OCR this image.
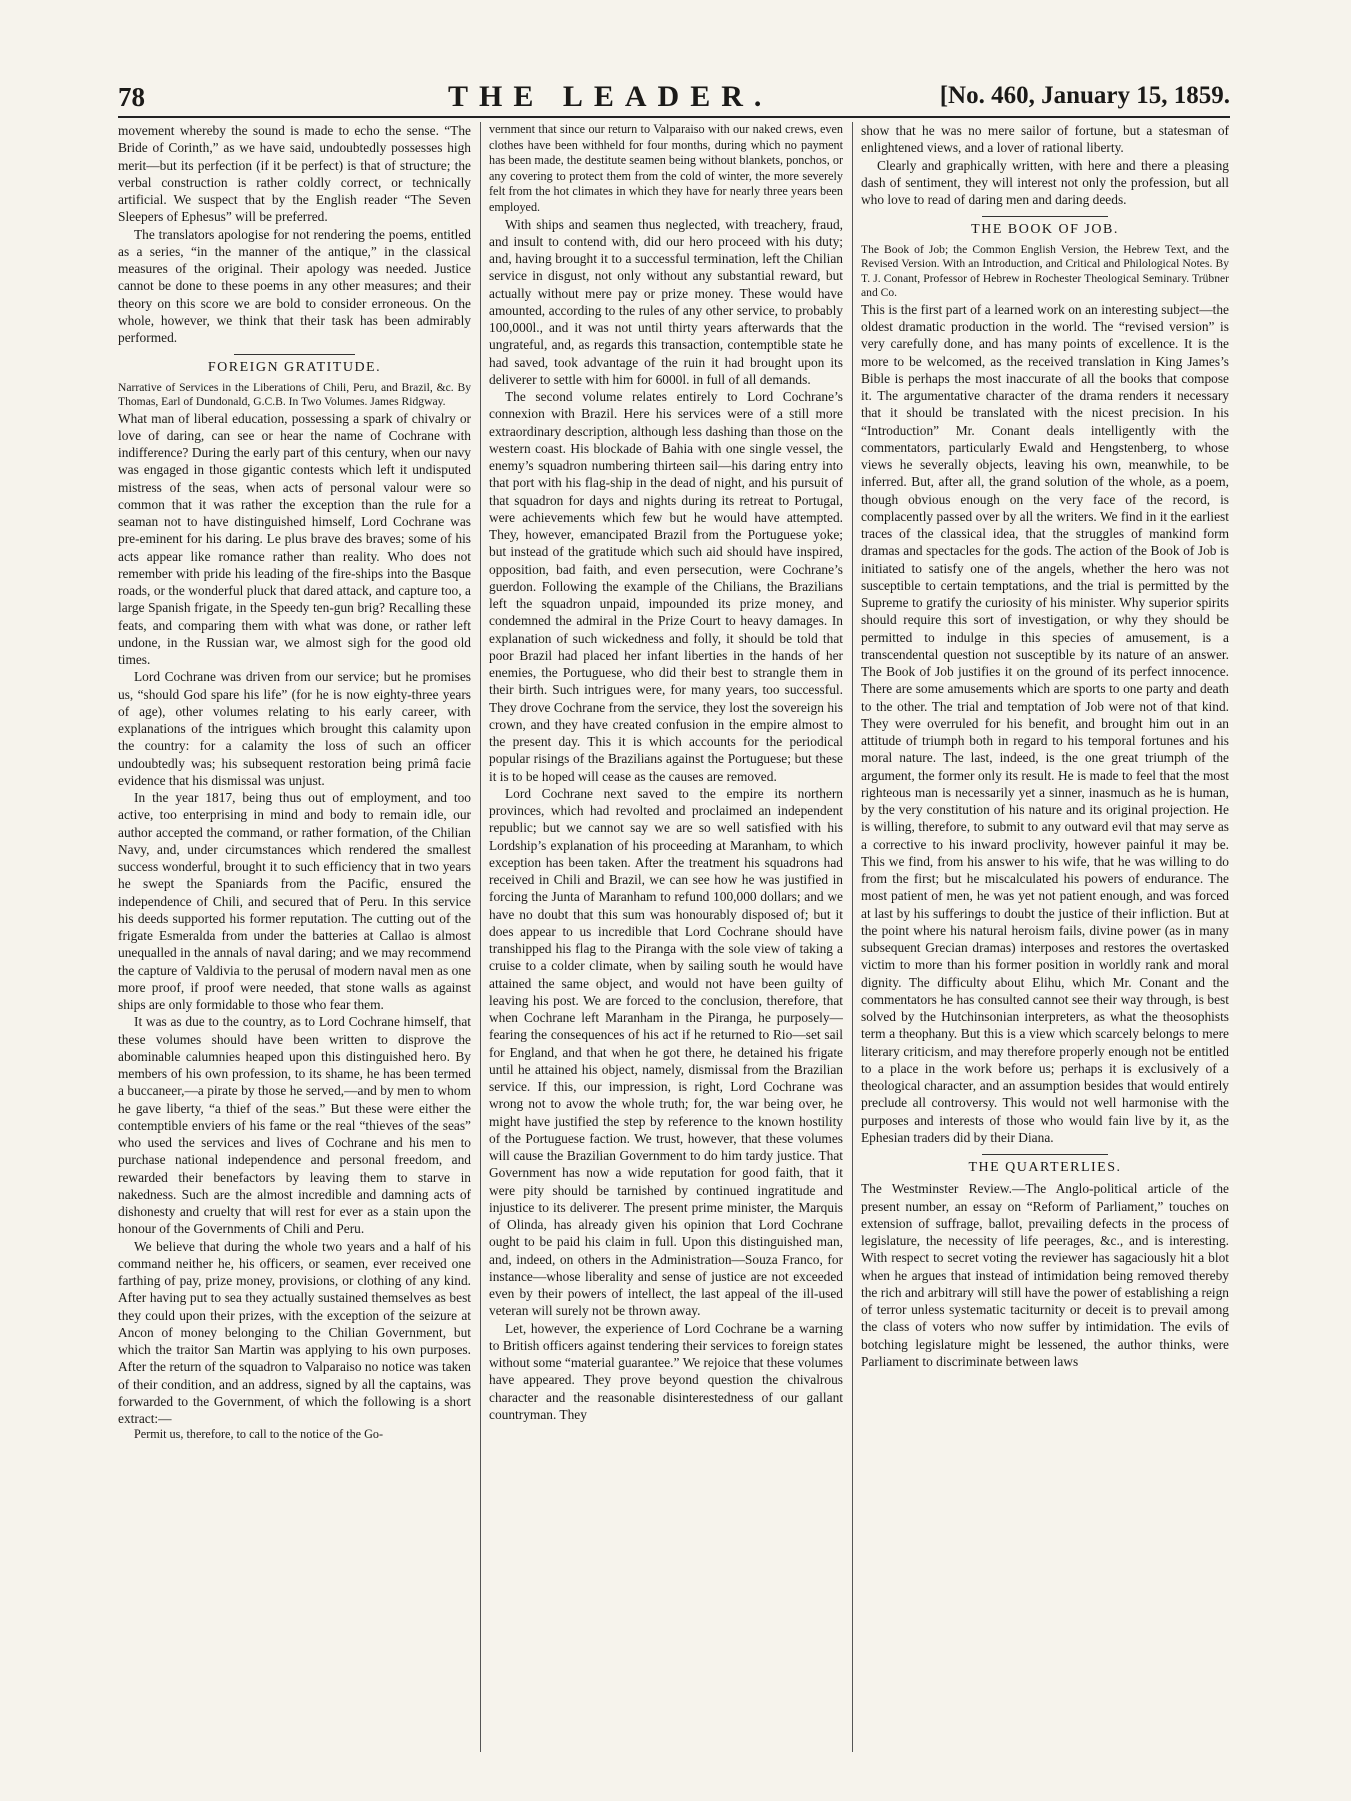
78	THE LEADER.	[No. 460, January 15, 1859.

movement whereby the sound is made to echo the sense. “The Bride of Corinth,” as we have said, undoubtedly possesses high merit—but its perfection (if it be perfect) is that of structure; the verbal construction is rather coldly correct, or technically artificial. We suspect that by the English reader “The Seven Sleepers of Ephesus” will be preferred.

The translators apologise for not rendering the poems, entitled as a series, “in the manner of the antique,” in the classical measures of the original. Their apology was needed. Justice cannot be done to these poems in any other measures; and their theory on this score we are bold to consider erroneous. On the whole, however, we think that their task has been admirably performed.

FOREIGN GRATITUDE.

Narrative of Services in the Liberations of Chili, Peru, and Brazil, &c. By Thomas, Earl of Dundonald, G.C.B. In Two Volumes. James Ridgway.

What man of liberal education, possessing a spark of chivalry or love of daring, can see or hear the name of Cochrane with indifference? During the early part of this century, when our navy was engaged in those gigantic contests which left it undisputed mistress of the seas, when acts of personal valour were so common that it was rather the exception than the rule for a seaman not to have distinguished himself, Lord Cochrane was pre-eminent for his daring. Le plus brave des braves; some of his acts appear like romance rather than reality. Who does not remember with pride his leading of the fire-ships into the Basque roads, or the wonderful pluck that dared attack, and capture too, a large Spanish frigate, in the Speedy ten-gun brig? Recalling these feats, and comparing them with what was done, or rather left undone, in the Russian war, we almost sigh for the good old times.

Lord Cochrane was driven from our service; but he promises us, “should God spare his life” (for he is now eighty-three years of age), other volumes relating to his early career, with explanations of the intrigues which brought this calamity upon the country: for a calamity the loss of such an officer undoubtedly was; his subsequent restoration being primâ facie evidence that his dismissal was unjust.

In the year 1817, being thus out of employment, and too active, too enterprising in mind and body to remain idle, our author accepted the command, or rather formation, of the Chilian Navy, and, under circumstances which rendered the smallest success wonderful, brought it to such efficiency that in two years he swept the Spaniards from the Pacific, ensured the independence of Chili, and secured that of Peru. In this service his deeds supported his former reputation. The cutting out of the frigate Esmeralda from under the batteries at Callao is almost unequalled in the annals of naval daring; and we may recommend the capture of Valdivia to the perusal of modern naval men as one more proof, if proof were needed, that stone walls as against ships are only formidable to those who fear them.

It was as due to the country, as to Lord Cochrane himself, that these volumes should have been written to disprove the abominable calumnies heaped upon this distinguished hero. By members of his own profession, to its shame, he has been termed a buccaneer,—a pirate by those he served,—and by men to whom he gave liberty, “a thief of the seas.” But these were either the contemptible enviers of his fame or the real “thieves of the seas” who used the services and lives of Cochrane and his men to purchase national independence and personal freedom, and rewarded their benefactors by leaving them to starve in nakedness. Such are the almost incredible and damning acts of dishonesty and cruelty that will rest for ever as a stain upon the honour of the Governments of Chili and Peru.

We believe that during the whole two years and a half of his command neither he, his officers, or seamen, ever received one farthing of pay, prize money, provisions, or clothing of any kind. After having put to sea they actually sustained themselves as best they could upon their prizes, with the exception of the seizure at Ancon of money belonging to the Chilian Government, but which the traitor San Martin was applying to his own purposes. After the return of the squadron to Valparaiso no notice was taken of their condition, and an address, signed by all the captains, was forwarded to the Government, of which the following is a short extract:—

Permit us, therefore, to call to the notice of the Go-

vernment that since our return to Valparaiso with our naked crews, even clothes have been withheld for four months, during which no payment has been made, the destitute seamen being without blankets, ponchos, or any covering to protect them from the cold of winter, the more severely felt from the hot climates in which they have for nearly three years been employed.

With ships and seamen thus neglected, with treachery, fraud, and insult to contend with, did our hero proceed with his duty; and, having brought it to a successful termination, left the Chilian service in disgust, not only without any substantial reward, but actually without mere pay or prize money. These would have amounted, according to the rules of any other service, to probably 100,000l., and it was not until thirty years afterwards that the ungrateful, and, as regards this transaction, contemptible state he had saved, took advantage of the ruin it had brought upon its deliverer to settle with him for 6000l. in full of all demands.

The second volume relates entirely to Lord Cochrane’s connexion with Brazil. Here his services were of a still more extraordinary description, although less dashing than those on the western coast. His blockade of Bahia with one single vessel, the enemy’s squadron numbering thirteen sail—his daring entry into that port with his flag-ship in the dead of night, and his pursuit of that squadron for days and nights during its retreat to Portugal, were achievements which few but he would have attempted. They, however, emancipated Brazil from the Portuguese yoke; but instead of the gratitude which such aid should have inspired, opposition, bad faith, and even persecution, were Cochrane’s guerdon. Following the example of the Chilians, the Brazilians left the squadron unpaid, impounded its prize money, and condemned the admiral in the Prize Court to heavy damages. In explanation of such wickedness and folly, it should be told that poor Brazil had placed her infant liberties in the hands of her enemies, the Portuguese, who did their best to strangle them in their birth. Such intrigues were, for many years, too successful. They drove Cochrane from the service, they lost the sovereign his crown, and they have created confusion in the empire almost to the present day. This it is which accounts for the periodical popular risings of the Brazilians against the Portuguese; but these it is to be hoped will cease as the causes are removed.

Lord Cochrane next saved to the empire its northern provinces, which had revolted and proclaimed an independent republic; but we cannot say we are so well satisfied with his Lordship’s explanation of his proceeding at Maranham, to which exception has been taken. After the treatment his squadrons had received in Chili and Brazil, we can see how he was justified in forcing the Junta of Maranham to refund 100,000 dollars; and we have no doubt that this sum was honourably disposed of; but it does appear to us incredible that Lord Cochrane should have transhipped his flag to the Piranga with the sole view of taking a cruise to a colder climate, when by sailing south he would have attained the same object, and would not have been guilty of leaving his post. We are forced to the conclusion, therefore, that when Cochrane left Maranham in the Piranga, he purposely—fearing the consequences of his act if he returned to Rio—set sail for England, and that when he got there, he detained his frigate until he attained his object, namely, dismissal from the Brazilian service. If this, our impression, is right, Lord Cochrane was wrong not to avow the whole truth; for, the war being over, he might have justified the step by reference to the known hostility of the Portuguese faction. We trust, however, that these volumes will cause the Brazilian Government to do him tardy justice. That Government has now a wide reputation for good faith, that it were pity should be tarnished by continued ingratitude and injustice to its deliverer. The present prime minister, the Marquis of Olinda, has already given his opinion that Lord Cochrane ought to be paid his claim in full. Upon this distinguished man, and, indeed, on others in the Administration—Souza Franco, for instance—whose liberality and sense of justice are not exceeded even by their powers of intellect, the last appeal of the ill-used veteran will surely not be thrown away.

Let, however, the experience of Lord Cochrane be a warning to British officers against tendering their services to foreign states without some “material guarantee.” We rejoice that these volumes have appeared. They prove beyond question the chivalrous character and the reasonable disinterestedness of our gallant countryman. They

show that he was no mere sailor of fortune, but a statesman of enlightened views, and a lover of rational liberty.

Clearly and graphically written, with here and there a pleasing dash of sentiment, they will interest not only the profession, but all who love to read of daring men and daring deeds.

THE BOOK OF JOB.

The Book of Job; the Common English Version, the Hebrew Text, and the Revised Version. With an Introduction, and Critical and Philological Notes. By T. J. Conant, Professor of Hebrew in Rochester Theological Seminary. Trübner and Co.

This is the first part of a learned work on an interesting subject—the oldest dramatic production in the world. The “revised version” is very carefully done, and has many points of excellence. It is the more to be welcomed, as the received translation in King James’s Bible is perhaps the most inaccurate of all the books that compose it. The argumentative character of the drama renders it necessary that it should be translated with the nicest precision. In his “Introduction” Mr. Conant deals intelligently with the commentators, particularly Ewald and Hengstenberg, to whose views he severally objects, leaving his own, meanwhile, to be inferred. But, after all, the grand solution of the whole, as a poem, though obvious enough on the very face of the record, is complacently passed over by all the writers. We find in it the earliest traces of the classical idea, that the struggles of mankind form dramas and spectacles for the gods. The action of the Book of Job is initiated to satisfy one of the angels, whether the hero was not susceptible to certain temptations, and the trial is permitted by the Supreme to gratify the curiosity of his minister. Why superior spirits should require this sort of investigation, or why they should be permitted to indulge in this species of amusement, is a transcendental question not susceptible by its nature of an answer. The Book of Job justifies it on the ground of its perfect innocence. There are some amusements which are sports to one party and death to the other. The trial and temptation of Job were not of that kind. They were overruled for his benefit, and brought him out in an attitude of triumph both in regard to his temporal fortunes and his moral nature. The last, indeed, is the one great triumph of the argument, the former only its result. He is made to feel that the most righteous man is necessarily yet a sinner, inasmuch as he is human, by the very constitution of his nature and its original projection. He is willing, therefore, to submit to any outward evil that may serve as a corrective to his inward proclivity, however painful it may be. This we find, from his answer to his wife, that he was willing to do from the first; but he miscalculated his powers of endurance. The most patient of men, he was yet not patient enough, and was forced at last by his sufferings to doubt the justice of their infliction. But at the point where his natural heroism fails, divine power (as in many subsequent Grecian dramas) interposes and restores the overtasked victim to more than his former position in worldly rank and moral dignity. The difficulty about Elihu, which Mr. Conant and the commentators he has consulted cannot see their way through, is best solved by the Hutchinsonian interpreters, as what the theosophists term a theophany. But this is a view which scarcely belongs to mere literary criticism, and may therefore properly enough not be entitled to a place in the work before us; perhaps it is exclusively of a theological character, and an assumption besides that would entirely preclude all controversy. This would not well harmonise with the purposes and interests of those who would fain live by it, as the Ephesian traders did by their Diana.

THE QUARTERLIES.

The Westminster Review.—The Anglo-political article of the present number, an essay on “Reform of Parliament,” touches on extension of suffrage, ballot, prevailing defects in the process of legislature, the necessity of life peerages, &c., and is interesting. With respect to secret voting the reviewer has sagaciously hit a blot when he argues that instead of intimidation being removed thereby the rich and arbitrary will still have the power of establishing a reign of terror unless systematic taciturnity or deceit is to prevail among the class of voters who now suffer by intimidation. The evils of botching legislature might be lessened, the author thinks, were Parliament to discriminate between laws
